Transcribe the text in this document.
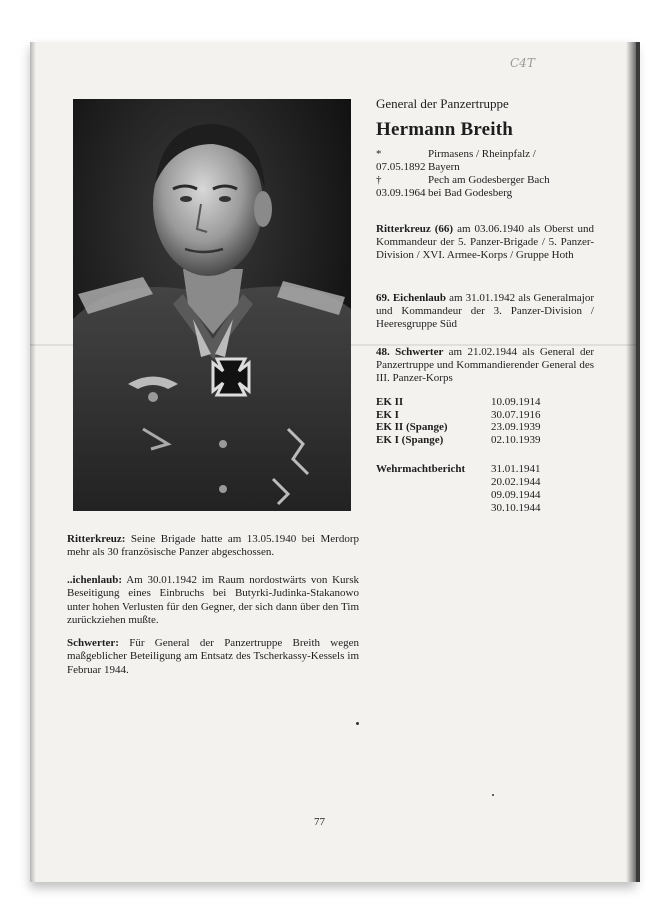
C4T
General der Panzertruppe
Hermann Breith
* 07.05.1892
Pirmasens / Rheinpfalz / Bayern
† 03.09.1964
Pech am Godesberger Bach bei Bad Godesberg
Ritterkreuz (66) am 03.06.1940 als Oberst und Kommandeur der 5. Panzer-Brigade / 5. Panzer-Division / XVI. Armee-Korps / Gruppe Hoth
69. Eichenlaub am 31.01.1942 als Generalmajor und Kommandeur der 3. Panzer-Division / Heeresgruppe Süd
48. Schwerter am 21.02.1944 als General der Panzertruppe und Kommandierender General des III. Panzer-Korps
EK II	10.09.1914
EK I	30.07.1916
EK II (Spange)	23.09.1939
EK I (Spange)	02.10.1939
Wehrmachtbericht	31.01.1941
20.02.1944
09.09.1944
30.10.1944
Ritterkreuz: Seine Brigade hatte am 13.05.1940 bei Merdorp mehr als 30 französische Panzer abgeschossen.
..ichenlaub: Am 30.01.1942 im Raum nordostwärts von Kursk Beseitigung eines Einbruchs bei Butyrki-Judinka-Stakanowo unter hohen Verlusten für den Gegner, der sich dann über den Tim zurückziehen mußte.
Schwerter: Für General der Panzertruppe Breith wegen maßgeblicher Beteiligung am Entsatz des Tscherkassy-Kessels im Februar 1944.
77
